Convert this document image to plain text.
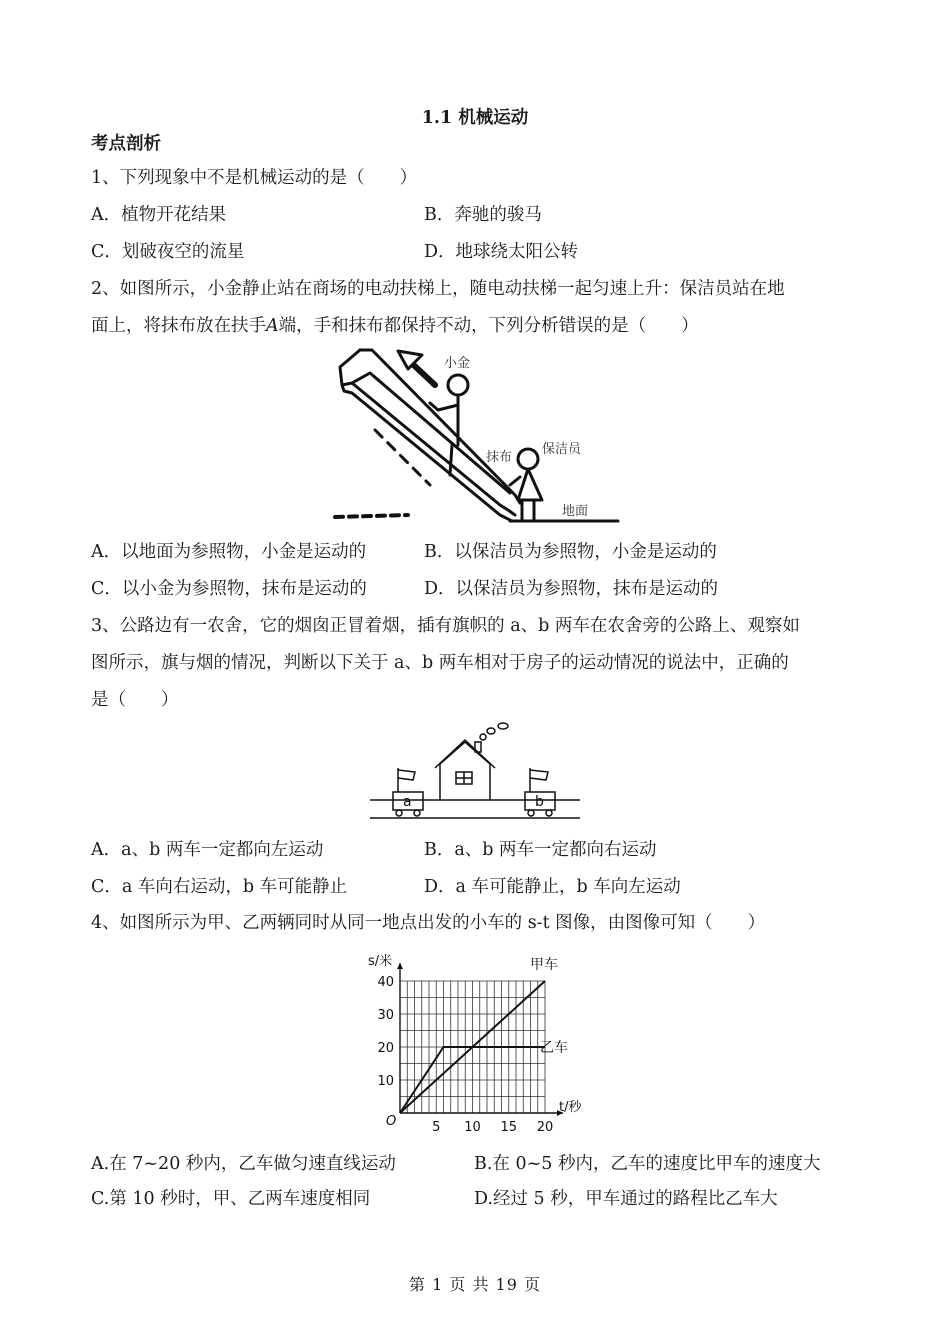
1.1 机械运动
考点剖析
1、下列现象中不是机械运动的是（　　）
A．植物开花结果	B．奔驰的骏马
C．划破夜空的流星	D．地球绕太阳公转
2、如图所示，小金静止站在商场的电动扶梯上，随电动扶梯一起匀速上升：保洁员站在地
面上，将抹布放在扶手A端，手和抹布都保持不动，下列分析错误的是（　　）
小金
保洁员
抹布
地面
A．以地面为参照物，小金是运动的	B．以保洁员为参照物，小金是运动的
C．以小金为参照物，抹布是运动的	D．以保洁员为参照物，抹布是运动的
3、公路边有一农舍，它的烟囱正冒着烟，插有旗帜的 a、b 两车在农舍旁的公路上、观察如
图所示，旗与烟的情况，判断以下关于 a、b 两车相对于房子的运动情况的说法中，正确的
是（　　）
a	b
A．a、b 两车一定都向左运动	B．a、b 两车一定都向右运动
C．a 车向右运动，b 车可能静止	D．a 车可能静止，b 车向左运动
4、如图所示为甲、乙两辆同时从同一地点出发的小车的 s-t 图像，由图像可知（　　）
5 10 15 20
10
20
30
40
O
t/秒
s/米	甲车
乙车
A.在 7~20 秒内，乙车做匀速直线运动	B.在 0~5 秒内，乙车的速度比甲车的速度大
C.第 10 秒时，甲、乙两车速度相同	D.经过 5 秒，甲车通过的路程比乙车大
第 1 页 共 19 页
